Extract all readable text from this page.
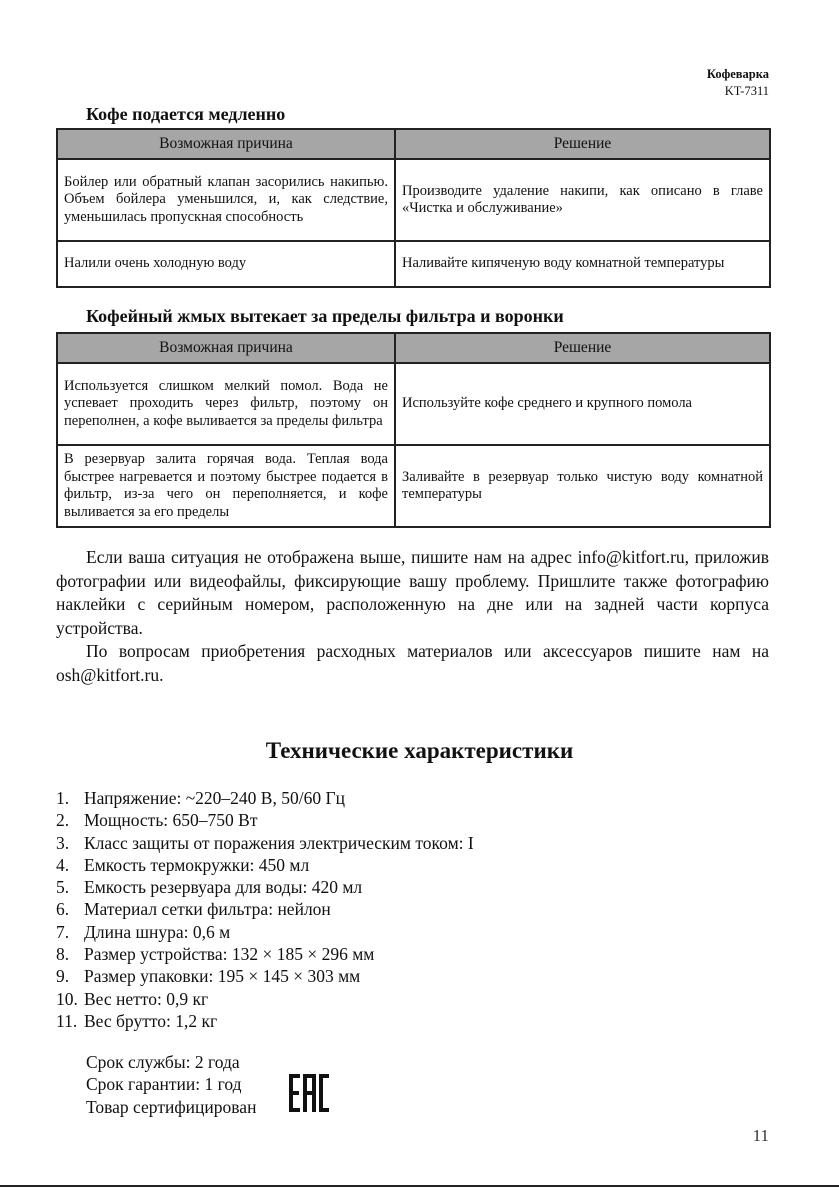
Кофеварка
KT-7311
Кофе подается медленно
Возможная причина	Решение
Бойлер или обратный клапан засорились накипью. Объем бойлера уменьшился, и, как следствие, уменьшилась пропускная способность	Производите удаление накипи, как описано в главе «Чистка и обслуживание»
Налили очень холодную воду	Наливайте кипяченую воду комнатной температуры
Кофейный жмых вытекает за пределы фильтра и воронки
Возможная причина	Решение
Используется слишком мелкий помол. Вода не успевает проходить через фильтр, поэтому он переполнен, а кофе выливается за пределы фильтра	Используйте кофе среднего и крупного помола
В резервуар залита горячая вода. Теплая вода быстрее нагревается и поэтому быстрее подается в фильтр, из-за чего он переполняется, и кофе выливается за его пределы	Заливайте в резервуар только чистую воду комнатной температуры

Если ваша ситуация не отображена выше, пишите нам на адрес info@kitfort.ru, приложив фотографии или видеофайлы, фиксирующие вашу проблему. Пришлите также фотографию наклейки с серийным номером, расположенную на дне или на задней части корпуса устройства.

По вопросам приобретения расходных материалов или аксессуаров пишите нам на osh@kitfort.ru.

Технические характеристики
1. Напряжение: ~220–240 В, 50/60 Гц
2. Мощность: 650–750 Вт
3. Класс защиты от поражения электрическим током: I
4. Емкость термокружки: 450 мл
5. Емкость резервуара для воды: 420 мл
6. Материал сетки фильтра: нейлон
7. Длина шнура: 0,6 м
8. Размер устройства: 132 × 185 × 296 мм
9. Размер упаковки: 195 × 145 × 303 мм
10. Вес нетто: 0,9 кг
11. Вес брутто: 1,2 кг
Срок службы: 2 года
Срок гарантии: 1 год
Товар сертифицирован
11
